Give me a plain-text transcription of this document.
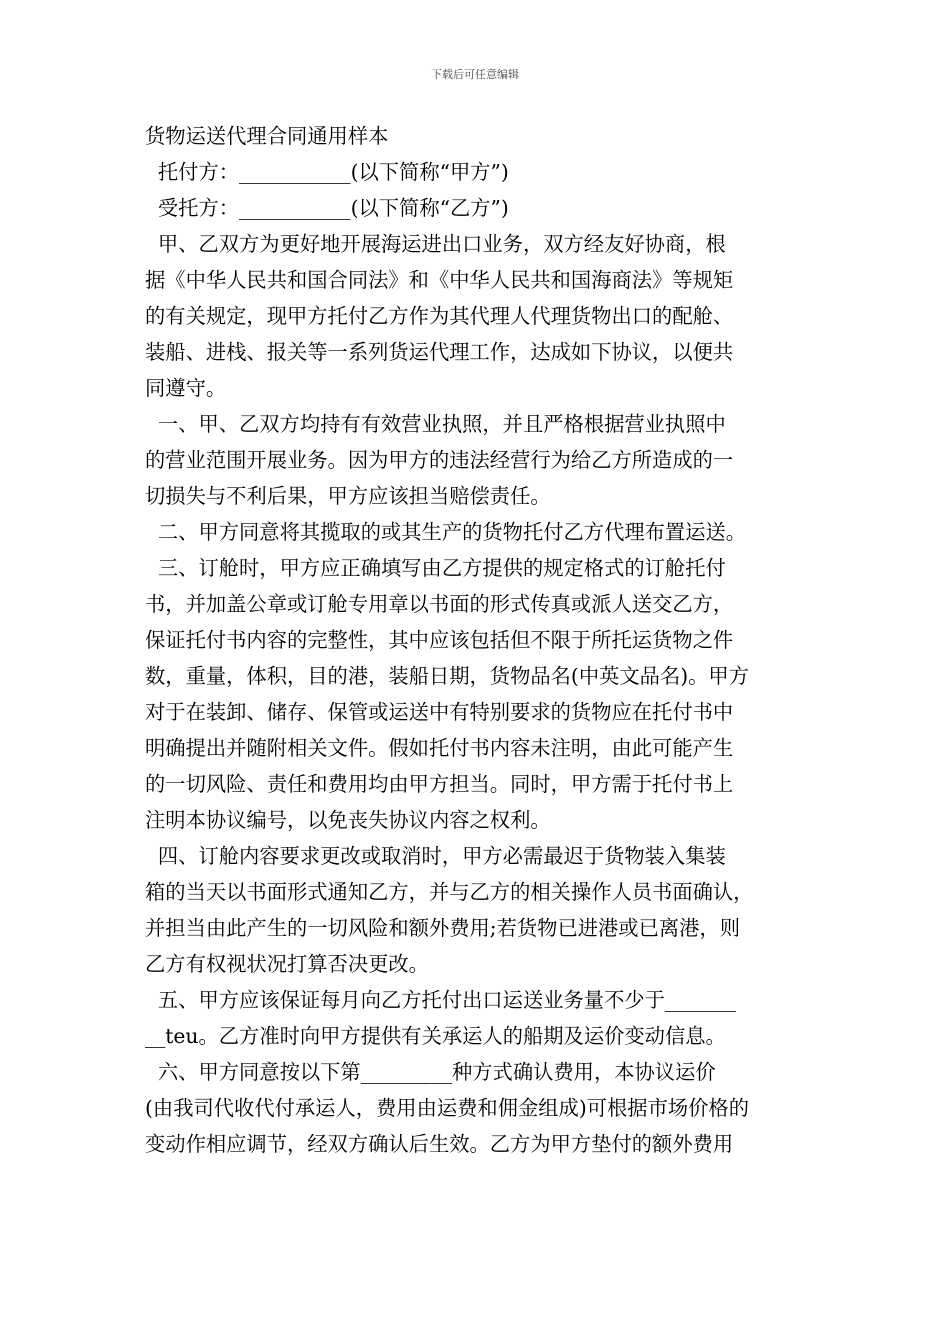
下载后可任意编辑
货物运送代理合同通用样本
托付方：___________(以下简称“甲方”)
受托方：___________(以下简称“乙方”)
甲、乙双方为更好地开展海运进出口业务，双方经友好协商，根
据《中华人民共和国合同法》和《中华人民共和国海商法》等规矩
的有关规定，现甲方托付乙方作为其代理人代理货物出口的配舱、
装船、进栈、报关等一系列货运代理工作，达成如下协议，以便共
同遵守。
一、甲、乙双方均持有有效营业执照，并且严格根据营业执照中
的营业范围开展业务。因为甲方的违法经营行为给乙方所造成的一
切损失与不利后果，甲方应该担当赔偿责任。
二、甲方同意将其揽取的或其生产的货物托付乙方代理布置运送。
三、订舱时，甲方应正确填写由乙方提供的规定格式的订舱托付
书，并加盖公章或订舱专用章以书面的形式传真或派人送交乙方，
保证托付书内容的完整性，其中应该包括但不限于所托运货物之件
数，重量，体积，目的港，装船日期，货物品名(中英文品名)。甲方
对于在装卸、储存、保管或运送中有特别要求的货物应在托付书中
明确提出并随附相关文件。假如托付书内容未注明，由此可能产生
的一切风险、责任和费用均由甲方担当。同时，甲方需于托付书上
注明本协议编号，以免丧失协议内容之权利。
四、订舱内容要求更改或取消时，甲方必需最迟于货物装入集装
箱的当天以书面形式通知乙方，并与乙方的相关操作人员书面确认，
并担当由此产生的一切风险和额外费用;若货物已进港或已离港，则
乙方有权视状况打算否决更改。
五、甲方应该保证每月向乙方托付出口运送业务量不少于_______
__teu。乙方准时向甲方提供有关承运人的船期及运价变动信息。
六、甲方同意按以下第_________种方式确认费用，本协议运价
(由我司代收代付承运人，费用由运费和佣金组成)可根据市场价格的
变动作相应调节，经双方确认后生效。乙方为甲方垫付的额外费用
